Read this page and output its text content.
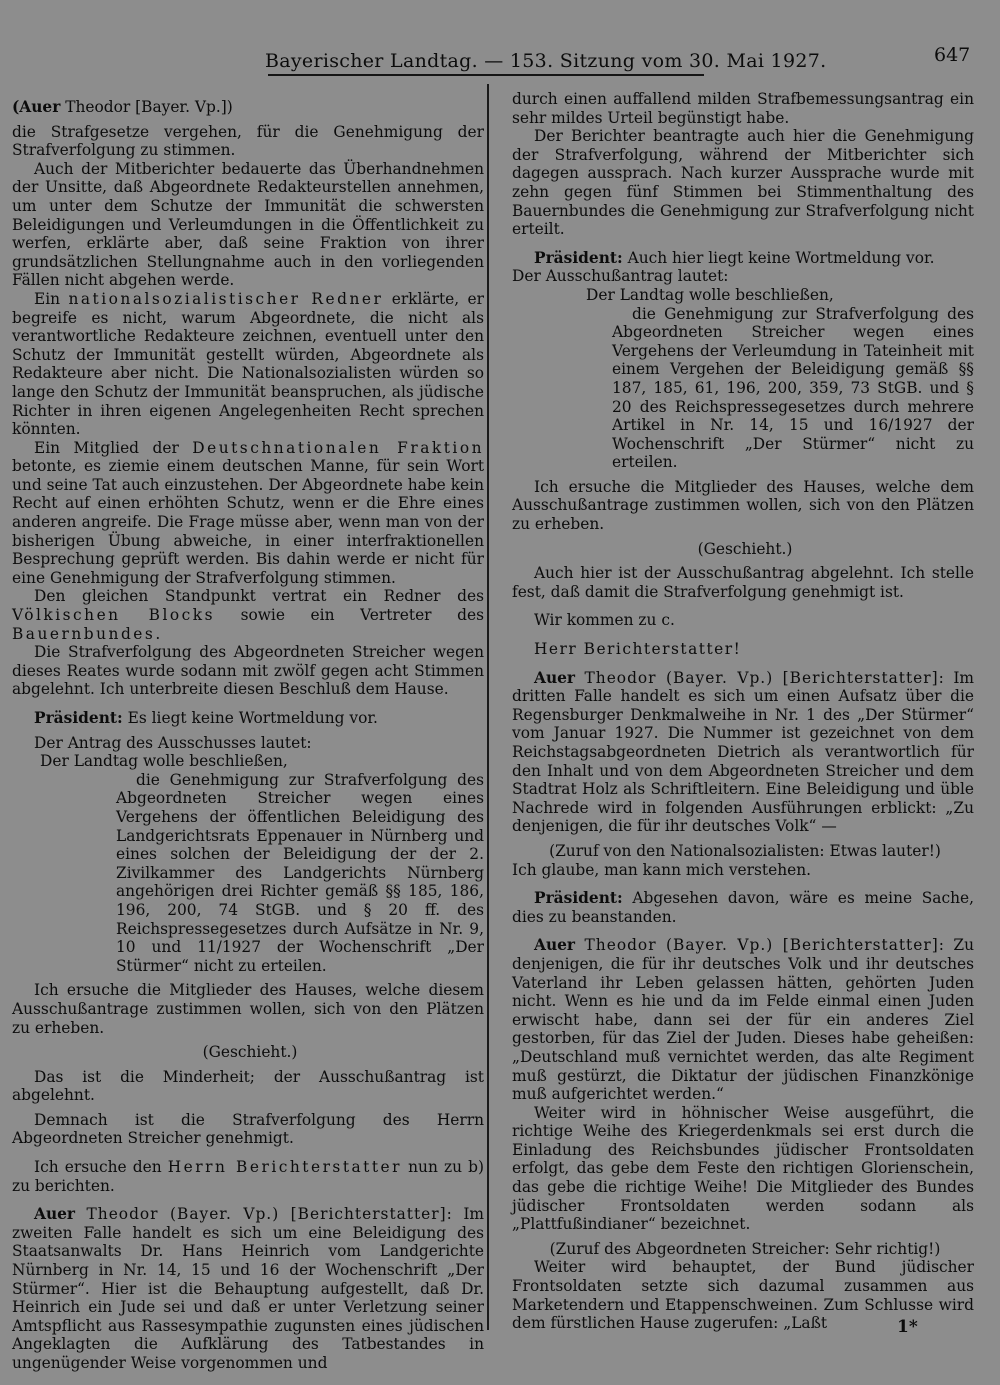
Bayerischer Landtag. — 153. Sitzung vom 30. Mai 1927.	647

(Auer Theodor [Bayer. Vp.])

die Strafgesetze vergehen, für die Genehmigung der Strafverfolgung zu stimmen.

Auch der Mitberichter bedauerte das Überhandnehmen der Unsitte, daß Abgeordnete Redakteurstellen annehmen, um unter dem Schutze der Immunität die schwersten Beleidigungen und Verleumdungen in die Öffentlichkeit zu werfen, erklärte aber, daß seine Fraktion von ihrer grundsätzlichen Stellungnahme auch in den vorliegenden Fällen nicht abgehen werde.

Ein nationalsozialistischer Redner erklärte, er begreife es nicht, warum Abgeordnete, die nicht als verantwortliche Redakteure zeichnen, eventuell unter den Schutz der Immunität gestellt würden, Abgeordnete als Redakteure aber nicht. Die Nationalsozialisten würden so lange den Schutz der Immunität beanspruchen, als jüdische Richter in ihren eigenen Angelegenheiten Recht sprechen könnten.

Ein Mitglied der Deutschnationalen Fraktion betonte, es ziemie einem deutschen Manne, für sein Wort und seine Tat auch einzustehen. Der Abgeordnete habe kein Recht auf einen erhöhten Schutz, wenn er die Ehre eines anderen angreife. Die Frage müsse aber, wenn man von der bisherigen Übung abweiche, in einer interfraktionellen Besprechung geprüft werden. Bis dahin werde er nicht für eine Genehmigung der Strafverfolgung stimmen.

Den gleichen Standpunkt vertrat ein Redner des Völkischen Blocks sowie ein Vertreter des Bauernbundes.

Die Strafverfolgung des Abgeordneten Streicher wegen dieses Reates wurde sodann mit zwölf gegen acht Stimmen abgelehnt. Ich unterbreite diesen Beschluß dem Hause.

Präsident: Es liegt keine Wortmeldung vor.

Der Antrag des Ausschusses lautet:

Der Landtag wolle beschließen,

die Genehmigung zur Strafverfolgung des Abgeordneten Streicher wegen eines Vergehens der öffentlichen Beleidigung des Landgerichtsrats Eppenauer in Nürnberg und eines solchen der Beleidigung der der 2. Zivilkammer des Landgerichts Nürnberg angehörigen drei Richter gemäß §§ 185, 186, 196, 200, 74 StGB. und § 20 ff. des Reichspressegesetzes durch Aufsätze in Nr. 9, 10 und 11/1927 der Wochenschrift „Der Stürmer“ nicht zu erteilen.

Ich ersuche die Mitglieder des Hauses, welche diesem Ausschußantrage zustimmen wollen, sich von den Plätzen zu erheben.

(Geschieht.)

Das ist die Minderheit; der Ausschußantrag ist abgelehnt.

Demnach ist die Strafverfolgung des Herrn Abgeordneten Streicher genehmigt.

Ich ersuche den Herrn Berichterstatter nun zu b) zu berichten.

Auer Theodor (Bayer. Vp.) [Berichterstatter]: Im zweiten Falle handelt es sich um eine Beleidigung des Staatsanwalts Dr. Hans Heinrich vom Landgerichte Nürnberg in Nr. 14, 15 und 16 der Wochenschrift „Der Stürmer“. Hier ist die Behauptung aufgestellt, daß Dr. Heinrich ein Jude sei und daß er unter Verletzung seiner Amtspflicht aus Rassesympathie zugunsten eines jüdischen Angeklagten die Aufklärung des Tatbestandes in ungenügender Weise vorgenommen und

durch einen auffallend milden Strafbemessungsantrag ein sehr mildes Urteil begünstigt habe.

Der Berichter beantragte auch hier die Genehmigung der Strafverfolgung, während der Mitberichter sich dagegen aussprach. Nach kurzer Aussprache wurde mit zehn gegen fünf Stimmen bei Stimmenthaltung des Bauernbundes die Genehmigung zur Strafverfolgung nicht erteilt.

Präsident: Auch hier liegt keine Wortmeldung vor.

Der Ausschußantrag lautet:

Der Landtag wolle beschließen,

die Genehmigung zur Strafverfolgung des Abgeordneten Streicher wegen eines Vergehens der Verleumdung in Tateinheit mit einem Vergehen der Beleidigung gemäß §§ 187, 185, 61, 196, 200, 359, 73 StGB. und § 20 des Reichspressegesetzes durch mehrere Artikel in Nr. 14, 15 und 16/1927 der Wochenschrift „Der Stürmer“ nicht zu erteilen.

Ich ersuche die Mitglieder des Hauses, welche dem Ausschußantrage zustimmen wollen, sich von den Plätzen zu erheben.

(Geschieht.)

Auch hier ist der Ausschußantrag abgelehnt. Ich stelle fest, daß damit die Strafverfolgung genehmigt ist.

Wir kommen zu c.

Herr Berichterstatter!

Auer Theodor (Bayer. Vp.) [Berichterstatter]: Im dritten Falle handelt es sich um einen Aufsatz über die Regensburger Denkmalweihe in Nr. 1 des „Der Stürmer“ vom Januar 1927. Die Nummer ist gezeichnet von dem Reichstagsabgeordneten Dietrich als verantwortlich für den Inhalt und von dem Abgeordneten Streicher und dem Stadtrat Holz als Schriftleitern. Eine Beleidigung und üble Nachrede wird in folgenden Ausführungen erblickt: „Zu denjenigen, die für ihr deutsches Volk“ —

(Zuruf von den Nationalsozialisten: Etwas lauter!)

Ich glaube, man kann mich verstehen.

Präsident: Abgesehen davon, wäre es meine Sache, dies zu beanstanden.

Auer Theodor (Bayer. Vp.) [Berichterstatter]: Zu denjenigen, die für ihr deutsches Volk und ihr deutsches Vaterland ihr Leben gelassen hätten, gehörten Juden nicht. Wenn es hie und da im Felde einmal einen Juden erwischt habe, dann sei der für ein anderes Ziel gestorben, für das Ziel der Juden. Dieses habe geheißen: „Deutschland muß vernichtet werden, das alte Regiment muß gestürzt, die Diktatur der jüdischen Finanzkönige muß aufgerichtet werden.“

Weiter wird in höhnischer Weise ausgeführt, die richtige Weihe des Kriegerdenkmals sei erst durch die Einladung des Reichsbundes jüdischer Frontsoldaten erfolgt, das gebe dem Feste den richtigen Glorienschein, das gebe die richtige Weihe! Die Mitglieder des Bundes jüdischer Frontsoldaten werden sodann als „Plattfußindianer“ bezeichnet.

(Zuruf des Abgeordneten Streicher: Sehr richtig!)

Weiter wird behauptet, der Bund jüdischer Frontsoldaten setzte sich dazumal zusammen aus Marketendern und Etappenschweinen. Zum Schlusse wird dem fürstlichen Hause zugerufen: „Laßt	1*
